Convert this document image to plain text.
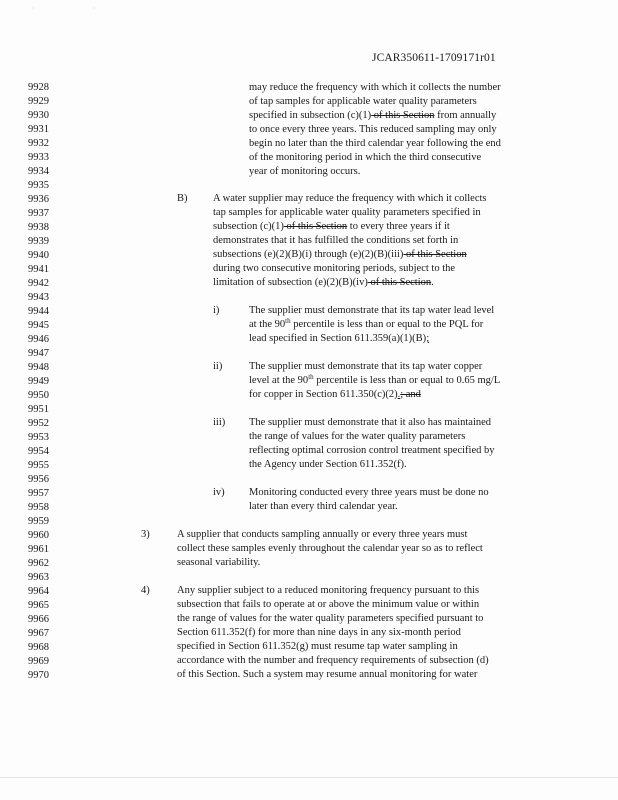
· ·
JCAR350611-1709171r01
9928
9929
9930
9931
9932
9933
9934
9935
9936
9937
9938
9939
9940
9941
9942
9943
9944
9945
9946
9947
9948
9949
9950
9951
9952
9953
9954
9955
9956
9957
9958
9959
9960
9961
9962
9963
9964
9965
9966
9967
9968
9969
9970
may reduce the frequency with which it collects the number
of tap samples for applicable water quality parameters
specified in subsection (c)(1) of this Section from annually
to once every three years. This reduced sampling may only
begin no later than the third calendar year following the end
of the monitoring period in which the third consecutive
year of monitoring occurs.
B) A water supplier may reduce the frequency with which it collects
tap samples for applicable water quality parameters specified in
subsection (c)(1) of this Section to every three years if it
demonstrates that it has fulfilled the conditions set forth in
subsections (e)(2)(B)(i) through (e)(2)(B)(iii) of this Section
during two consecutive monitoring periods, subject to the
limitation of subsection (e)(2)(B)(iv) of this Section.
i)	The supplier must demonstrate that its tap water lead level
at the 90th percentile is less than or equal to the PQL for
lead specified in Section 611.359(a)(1)(B);
ii)	The supplier must demonstrate that its tap water copper
level at the 90th percentile is less than or equal to 0.65 mg/L
for copper in Section 611.350(c)(2).; and
iii) The supplier must demonstrate that it also has maintained
the range of values for the water quality parameters
reflecting optimal corrosion control treatment specified by
the Agency under Section 611.352(f).
iv) Monitoring conducted every three years must be done no
later than every third calendar year.
3)	A supplier that conducts sampling annually or every three years must
collect these samples evenly throughout the calendar year so as to reflect
seasonal variability.
4)	Any supplier subject to a reduced monitoring frequency pursuant to this
subsection that fails to operate at or above the minimum value or within
the range of values for the water quality parameters specified pursuant to
Section 611.352(f) for more than nine days in any six-month period
specified in Section 611.352(g) must resume tap water sampling in
accordance with the number and frequency requirements of subsection (d)
of this Section. Such a system may resume annual monitoring for water
